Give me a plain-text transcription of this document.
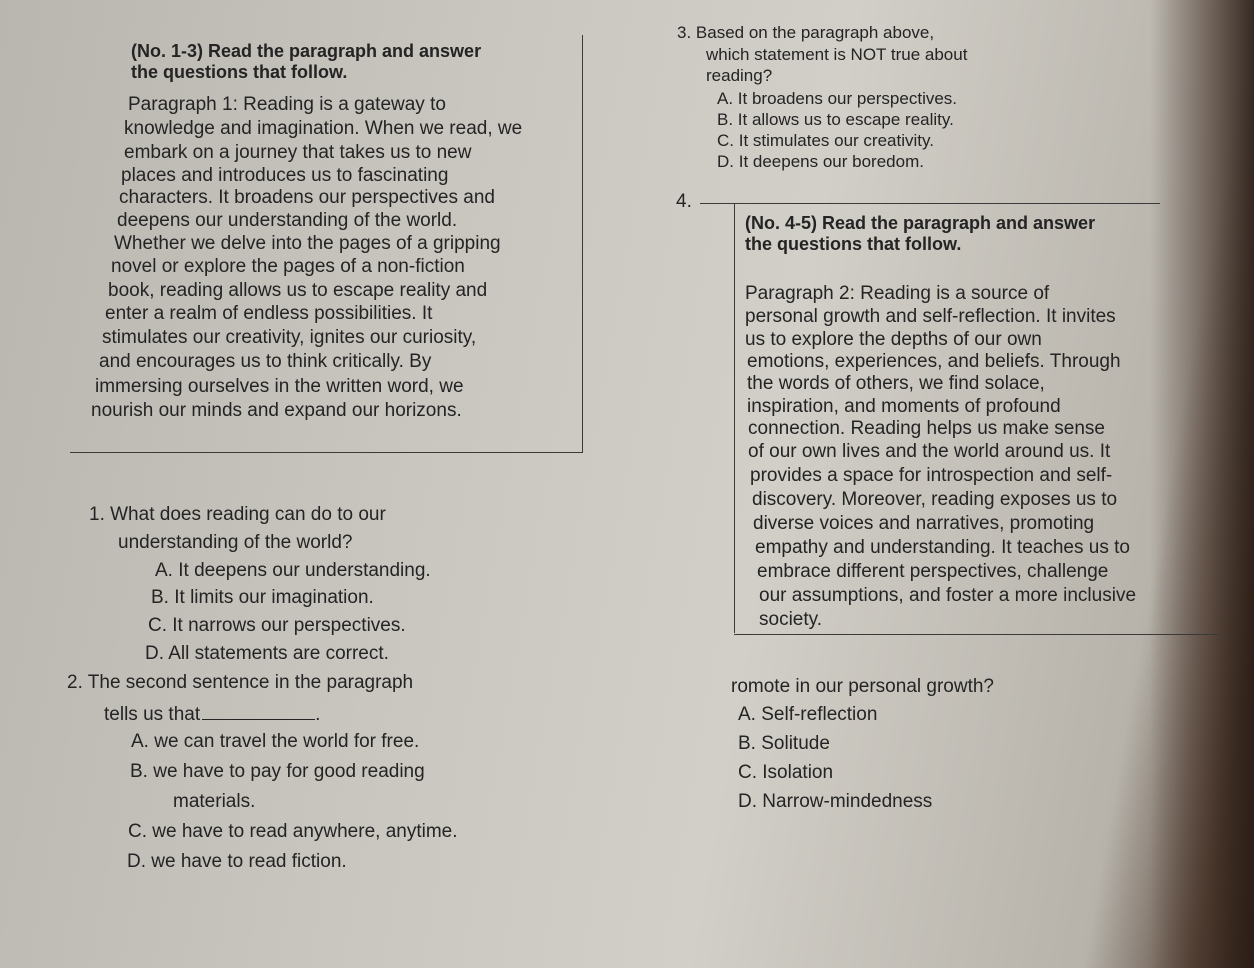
(No. 1-3) Read the paragraph and answer
the questions that follow.
Paragraph 1: Reading is a gateway to
knowledge and imagination. When we read, we
embark on a journey that takes us to new
places and introduces us to fascinating
characters. It broadens our perspectives and
deepens our understanding of the world.
Whether we delve into the pages of a gripping
novel or explore the pages of a non-fiction
book, reading allows us to escape reality and
enter a realm of endless possibilities. It
stimulates our creativity, ignites our curiosity,
and encourages us to think critically. By
immersing ourselves in the written word, we
nourish our minds and expand our horizons.
1. What does reading can do to our
understanding of the world?
A. It deepens our understanding.
B. It limits our imagination.
C. It narrows our perspectives.
D. All statements are correct.
2. The second sentence in the paragraph
tells us that	.
A. we can travel the world for free.
B. we have to pay for good reading
materials.
C. we have to read anywhere, anytime.
D. we have to read fiction.
3. Based on the paragraph above,
which statement is NOT true about
reading?
A. It broadens our perspectives.
B. It allows us to escape reality.
C. It stimulates our creativity.
D. It deepens our boredom.
4.
(No. 4-5) Read the paragraph and answer
the questions that follow.
Paragraph 2: Reading is a source of
personal growth and self-reflection. It invites
us to explore the depths of our own
emotions, experiences, and beliefs. Through
the words of others, we find solace,
inspiration, and moments of profound
connection. Reading helps us make sense
of our own lives and the world around us. It
provides a space for introspection and self-
discovery. Moreover, reading exposes us to
diverse voices and narratives, promoting
empathy and understanding. It teaches us to
embrace different perspectives, challenge
our assumptions, and foster a more inclusive
society.
romote in our personal growth?
A. Self-reflection
B. Solitude
C. Isolation
D. Narrow-mindedness
